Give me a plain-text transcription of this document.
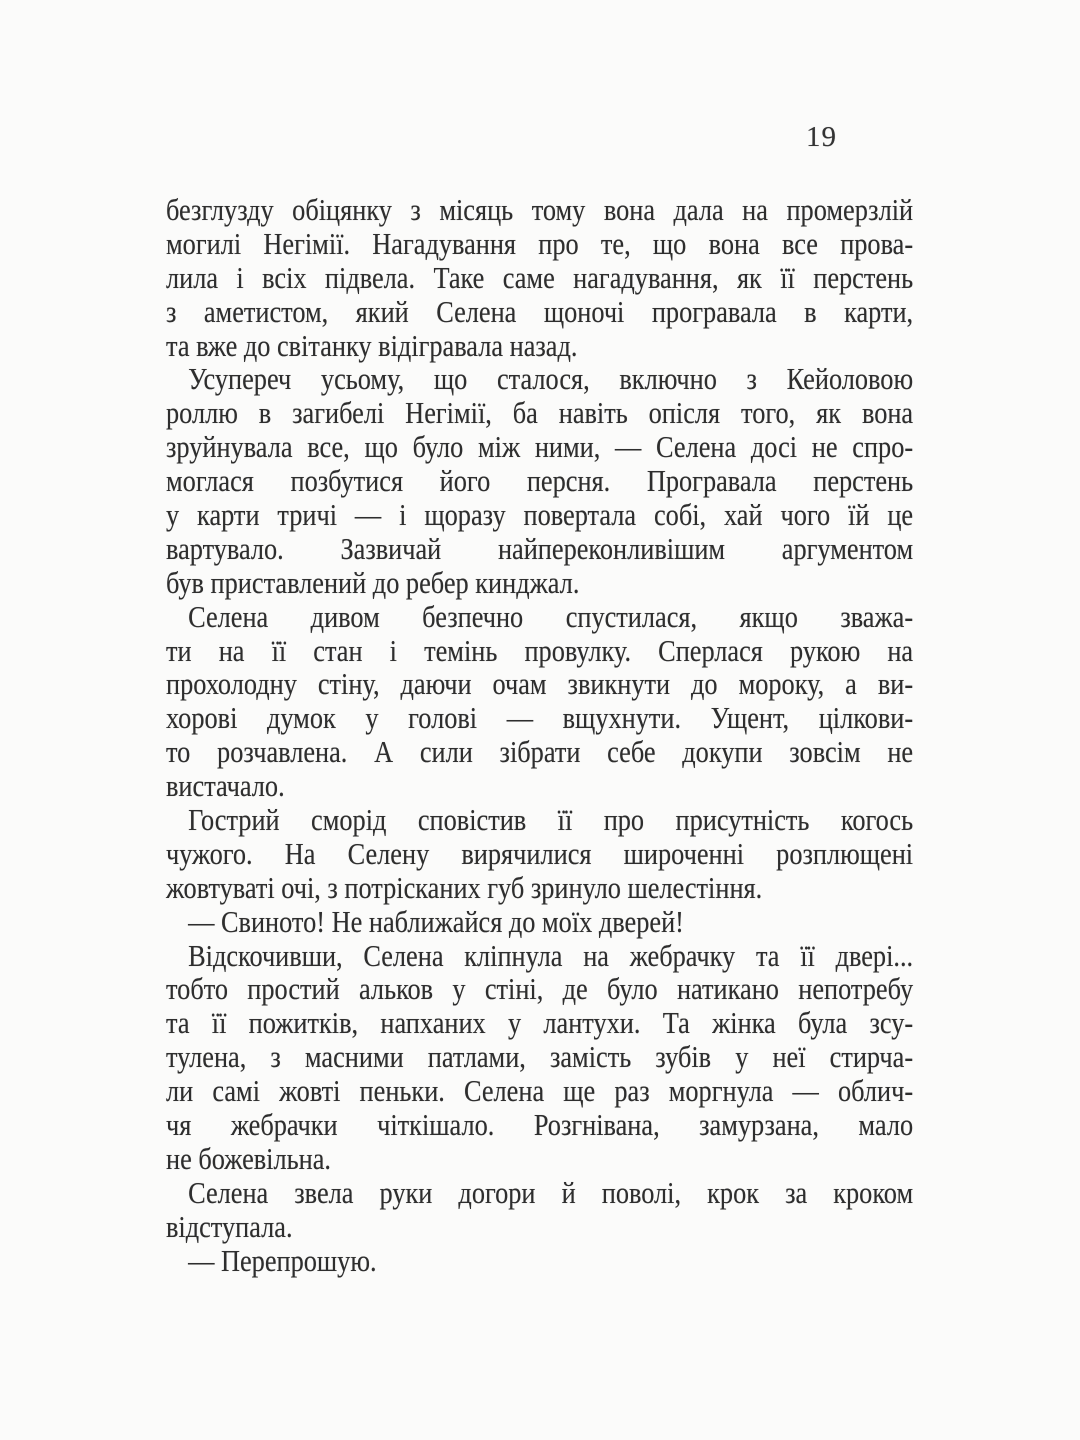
19
безглузду обіцянку з місяць тому вона дала на промерзлій
могилі Негімії. Нагадування про те, що вона все прова-
лила і всіх підвела. Таке саме нагадування, як її перстень
з аметистом, який Селена щоночі програвала в карти,
та вже до світанку відігравала назад.
Усупереч усьому, що сталося, включно з Кейоловою
роллю в загибелі Негімії, ба навіть опісля того, як вона
зруйнувала все, що було між ними, — Селена досі не спро-
моглася позбутися його персня. Програвала перстень
у карти тричі — і щоразу повертала собі, хай чого їй це
вартувало. Зазвичай найпереконливішим аргументом
був приставлений до ребер кинджал.
Селена дивом безпечно спустилася, якщо зважа-
ти на її стан і темінь провулку. Сперлася рукою на
прохолодну стіну, даючи очам звикнути до мороку, а ви-
хорові думок у голові — вщухнути. Ущент, цілкови-
то розчавлена. А сили зібрати себе докупи зовсім не
вистачало.
Гострий сморід сповістив її про присутність когось
чужого. На Селену вирячилися широченні розплющені
жовтуваті очі, з потрісканих губ зринуло шелестіння.
— Свиното! Не наближайся до моїх дверей!
Відскочивши, Селена кліпнула на жебрачку та її двері...
тобто простий альков у стіні, де було натикано непотребу
та її пожитків, напханих у лантухи. Та жінка була зсу-
тулена, з масними патлами, замість зубів у неї стирча-
ли самі жовті пеньки. Селена ще раз моргнула — облич-
чя жебрачки чіткішало. Розгнівана, замурзана, мало
не божевільна.
Селена звела руки догори й поволі, крок за кроком
відступала.
— Перепрошую.
